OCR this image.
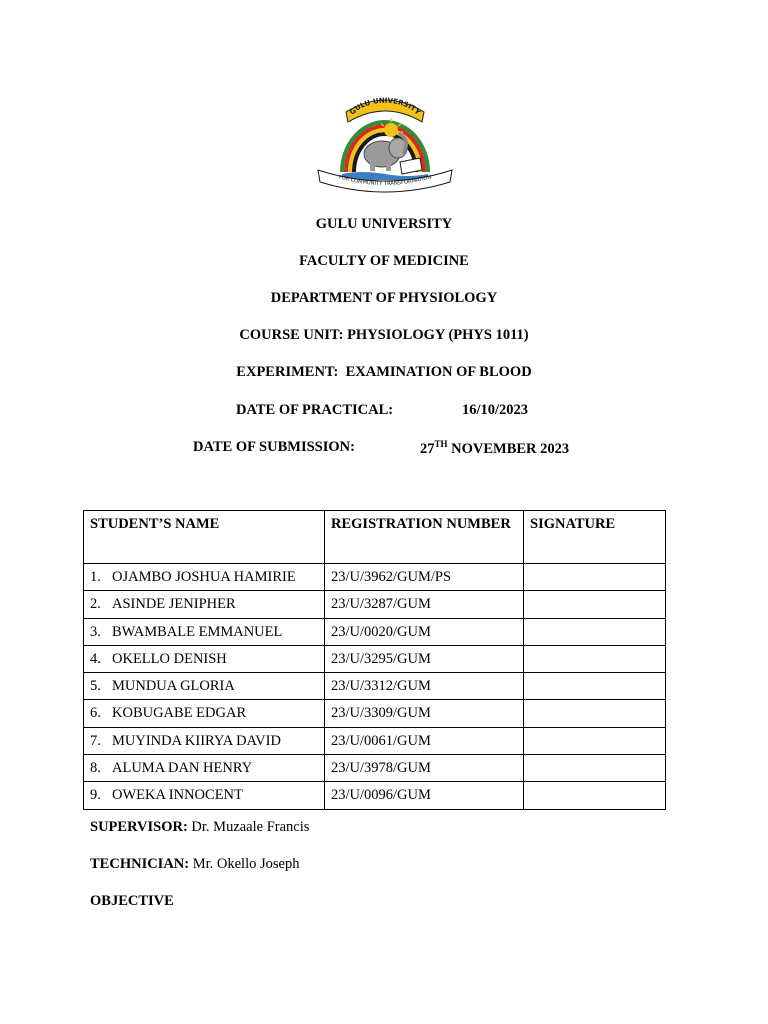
GULU UNIVERSITY
FOR COMMUNITY TRANSFORMATION
GULU UNIVERSITY
FACULTY OF MEDICINE
DEPARTMENT OF PHYSIOLOGY
COURSE UNIT: PHYSIOLOGY (PHYS 1011)
EXPERIMENT:  EXAMINATION OF BLOOD
DATE OF PRACTICAL:	16/10/2023
DATE OF SUBMISSION:	27TH NOVEMBER 2023
STUDENT’S NAME	REGISTRATION NUMBER	SIGNATURE
1. OJAMBO JOSHUA HAMIRIE	23/U/3962/GUM/PS	
2. ASINDE JENIPHER	23/U/3287/GUM	
3. BWAMBALE EMMANUEL	23/U/0020/GUM	
4. OKELLO DENISH	23/U/3295/GUM	
5. MUNDUA GLORIA	23/U/3312/GUM	
6. KOBUGABE EDGAR	23/U/3309/GUM	
7. MUYINDA KIIRYA DAVID	23/U/0061/GUM	
8. ALUMA DAN HENRY	23/U/3978/GUM	
9. OWEKA INNOCENT	23/U/0096/GUM	
SUPERVISOR: Dr. Muzaale Francis
TECHNICIAN: Mr. Okello Joseph
OBJECTIVE
